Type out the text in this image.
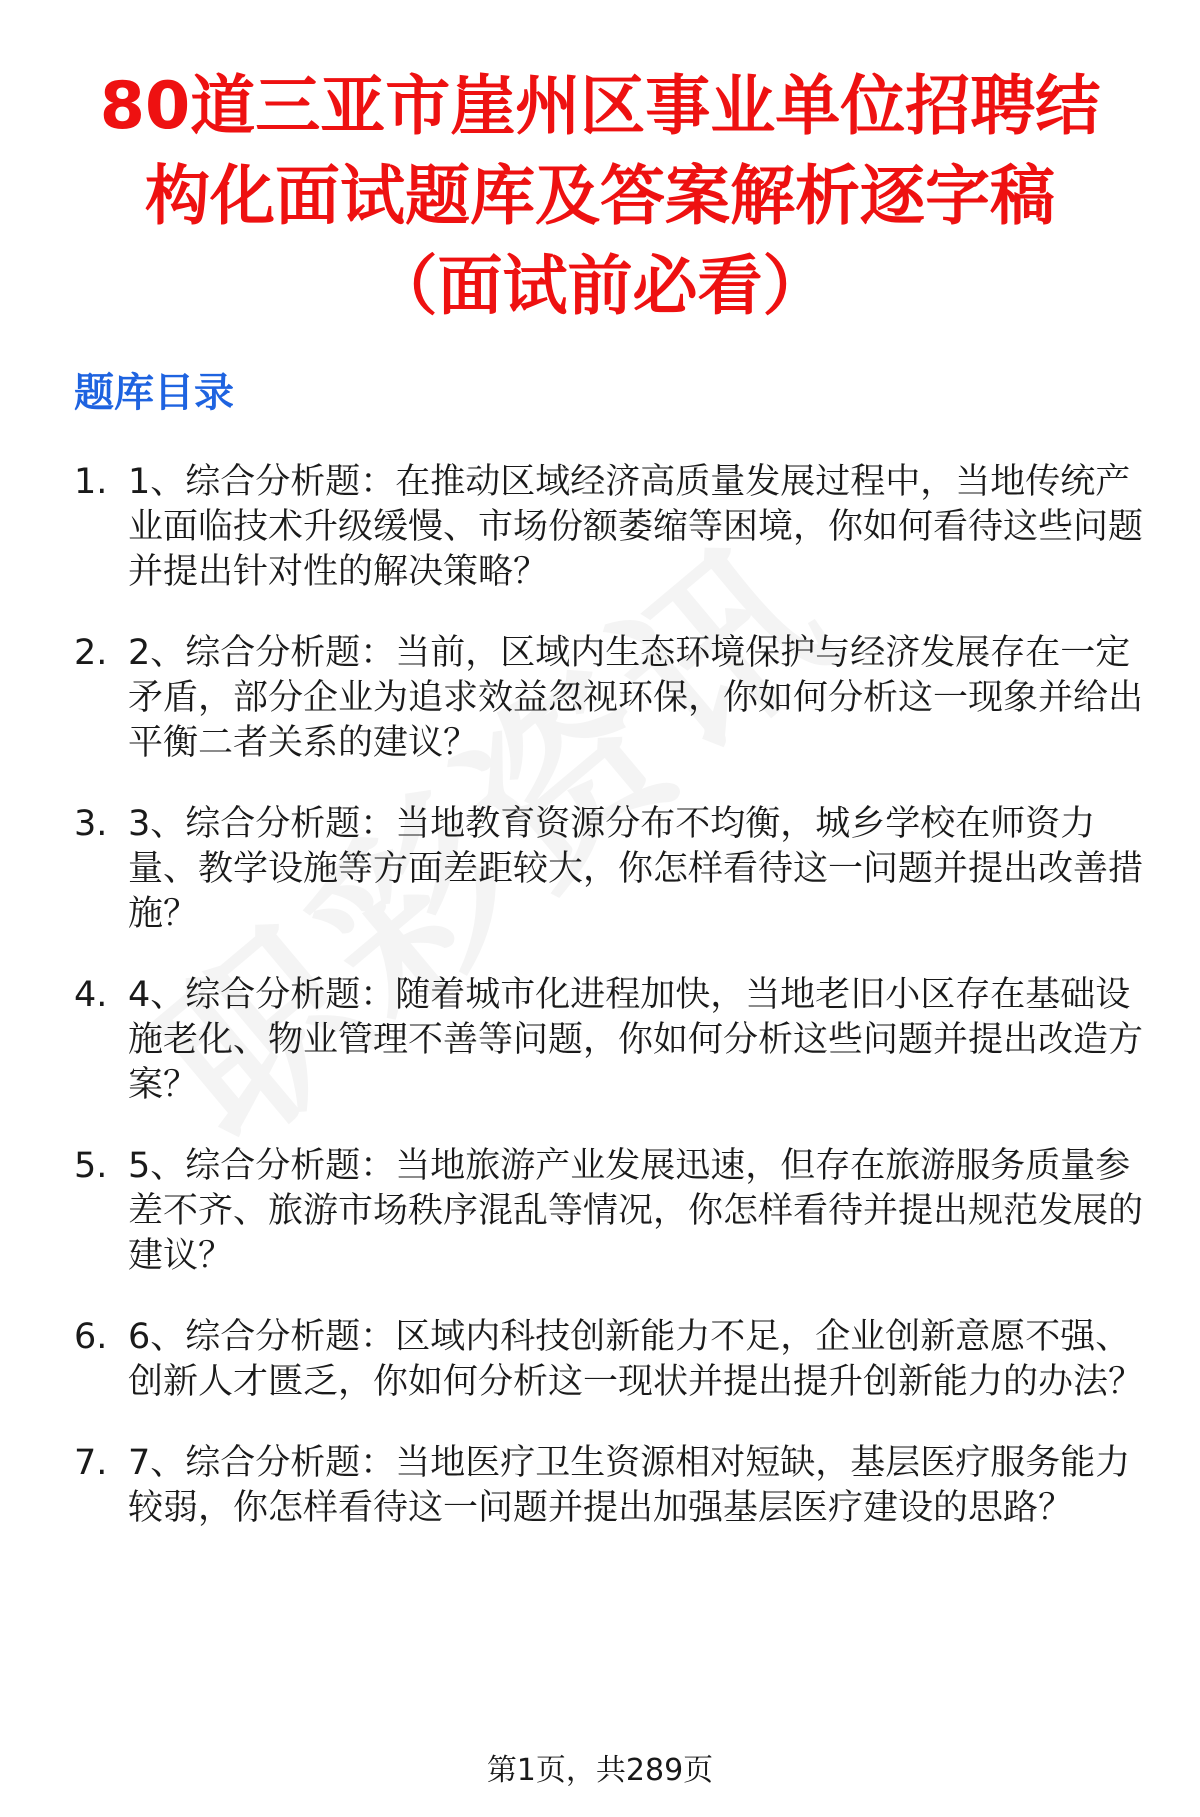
80道三亚市崖州区事业单位招聘结
构化面试题库及答案解析逐字稿
（面试前必看）
题库目录
1. 1、综合分析题：在推动区域经济高质量发展过程中，当地传统产业面临技术升级缓慢、市场份额萎缩等困境，你如何看待这些问题并提出针对性的解决策略？
2. 2、综合分析题：当前，区域内生态环境保护与经济发展存在一定矛盾，部分企业为追求效益忽视环保，你如何分析这一现象并给出平衡二者关系的建议？
3. 3、综合分析题：当地教育资源分布不均衡，城乡学校在师资力量、教学设施等方面差距较大，你怎样看待这一问题并提出改善措施？
4. 4、综合分析题：随着城市化进程加快，当地老旧小区存在基础设施老化、物业管理不善等问题，你如何分析这些问题并提出改造方案？
5. 5、综合分析题：当地旅游产业发展迅速，但存在旅游服务质量参差不齐、旅游市场秩序混乱等情况，你怎样看待并提出规范发展的建议？
6. 6、综合分析题：区域内科技创新能力不足，企业创新意愿不强、创新人才匮乏，你如何分析这一现状并提出提升创新能力的办法？
7. 7、综合分析题：当地医疗卫生资源相对短缺，基层医疗服务能力较弱，你怎样看待这一问题并提出加强基层医疗建设的思路？
第1页，共289页
